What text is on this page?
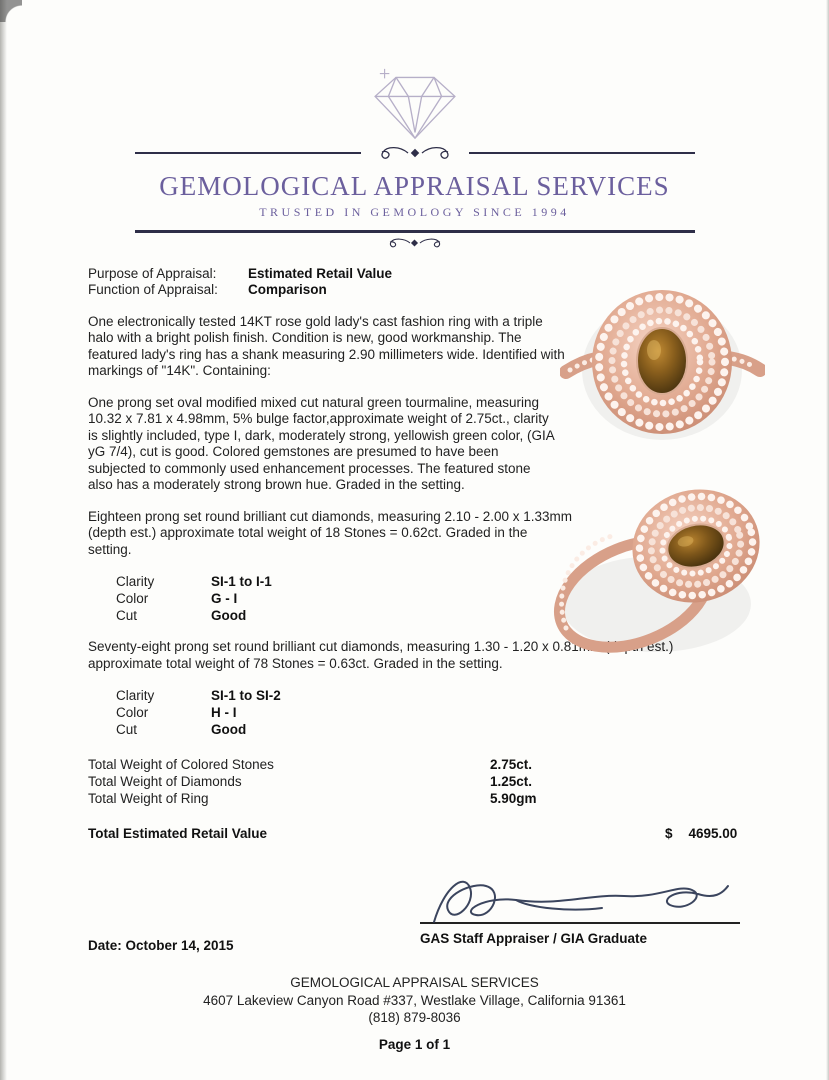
GEMOLOGICAL APPRAISAL SERVICES
TRUSTED IN GEMOLOGY SINCE 1994
Purpose of Appraisal:	Estimated Retail Value
Function of Appraisal:	Comparison

One electronically tested 14KT rose gold lady's cast fashion ring with a triple halo with a bright polish finish. Condition is new, good workmanship. The featured lady's ring has a shank measuring 2.90 millimeters wide. Identified with markings of "14K". Containing:

One prong set oval modified mixed cut natural green tourmaline, measuring 10.32 x 7.81 x 4.98mm, 5% bulge factor,approximate weight of 2.75ct., clarity is slightly included, type I, dark, moderately strong, yellowish green color, (GIA yG 7/4), cut is good. Colored gemstones are presumed to have been subjected to commonly used enhancement processes. The featured stone also has a moderately strong brown hue. Graded in the setting.

Eighteen prong set round brilliant cut diamonds, measuring 2.10 - 2.00 x 1.33mm (depth est.) approximate total weight of 18 Stones = 0.62ct. Graded in the setting.

Clarity	SI-1 to I-1
Color	G - I
Cut	Good

Seventy-eight prong set round brilliant cut diamonds, measuring 1.30 - 1.20 x 0.81mm (depth est.) approximate total weight of 78 Stones = 0.63ct. Graded in the setting.

Clarity	SI-1 to SI-2
Color	H - I
Cut	Good
Total Weight of Colored Stones	2.75ct.
Total Weight of Diamonds	1.25ct.
Total Weight of Ring	5.90gm
Total Estimated Retail Value	$ 4695.00
GAS Staff Appraiser / GIA Graduate
Date: October 14, 2015
GEMOLOGICAL APPRAISAL SERVICES
4607 Lakeview Canyon Road #337, Westlake Village, California 91361
(818) 879-8036
Page 1 of 1
